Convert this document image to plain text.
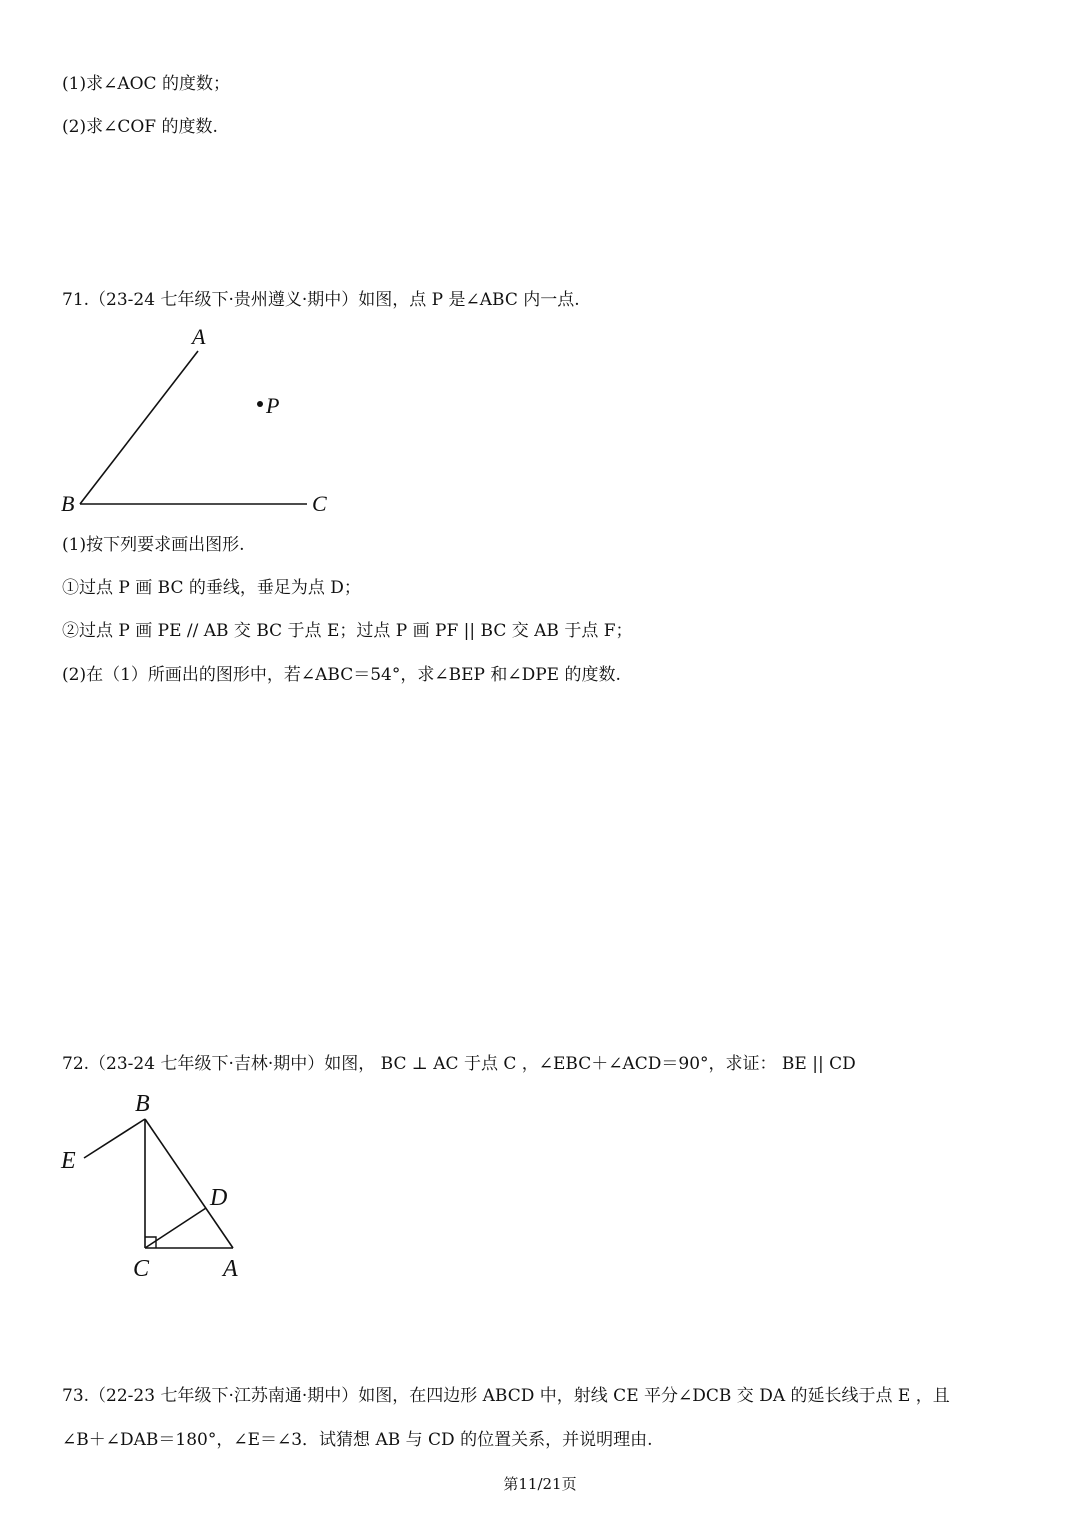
(1)求∠AOC 的度数；
(2)求∠COF 的度数.
71.（23-24 七年级下·贵州遵义·期中）如图，点 P 是∠ABC 内一点.
A
P
B	C
(1)按下列要求画出图形.
①过点 P 画 BC 的垂线，垂足为点 D；
②过点 P 画 PE // AB 交 BC 于点 E；过点 P 画 PF || BC 交 AB 于点 F；
(2)在（1）所画出的图形中，若∠ABC＝54°，求∠BEP 和∠DPE 的度数.
72.（23-24 七年级下·吉林·期中）如图， BC ⊥ AC 于点 C ，∠EBC＋∠ACD＝90°，求证： BE || CD
B
E
D
C	A
73.（22-23 七年级下·江苏南通·期中）如图，在四边形 ABCD 中，射线 CE 平分∠DCB 交 DA 的延长线于点 E ，且
∠B＋∠DAB＝180°，∠E＝∠3．试猜想 AB 与 CD 的位置关系，并说明理由.
第11/21页
